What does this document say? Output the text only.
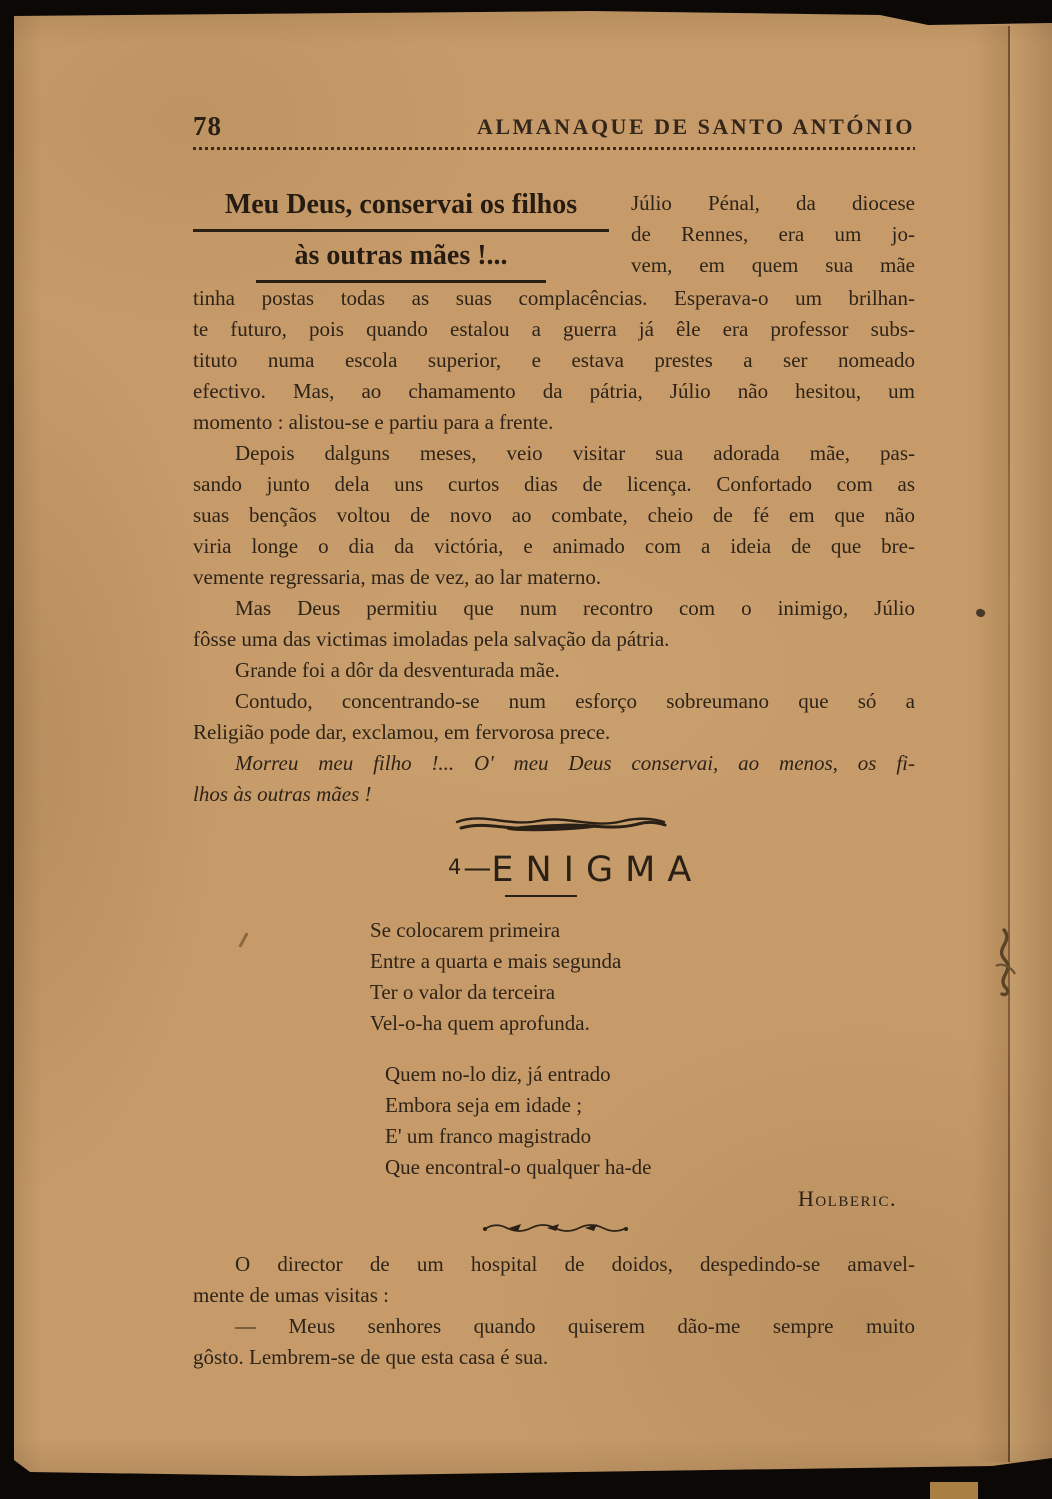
78	ALMANAQUE DE SANTO ANTÓNIO
Meu Deus, conservai os filhos
às outras mães !...
Júlio Pénal, da diocese
de Rennes, era um jo-
vem, em quem sua mãe
tinha postas todas as suas complacências. Esperava-o um brilhan-
te futuro, pois quando estalou a guerra já êle era professor subs-
tituto numa escola superior, e estava prestes a ser nomeado
efectivo. Mas, ao chamamento da pátria, Júlio não hesitou, um
momento : alistou-se e partiu para a frente.
Depois dalguns meses, veio visitar sua adorada mãe, pas-
sando junto dela uns curtos dias de licença. Confortado com as
suas bençãos voltou de novo ao combate, cheio de fé em que não
viria longe o dia da victória, e animado com a ideia de que bre-
vemente regressaria, mas de vez, ao lar materno.
Mas Deus permitiu que num recontro com o inimigo, Júlio
fôsse uma das victimas imoladas pela salvação da pátria.
Grande foi a dôr da desventurada mãe.
Contudo, concentrando-se num esforço sobreumano que só a
Religião pode dar, exclamou, em fervorosa prece.
Morreu meu filho !... O' meu Deus conservai, ao menos, os fi-
lhos às outras mães !
$^4$—ENIGMA
Se colocarem primeira
Entre a quarta e mais segunda
Ter o valor da terceira
Vel-o-ha quem aprofunda.
Quem no-lo diz, já entrado
Embora seja em idade ;
E' um franco magistrado
Que encontral-o qualquer ha-de
Holberic.
O director de um hospital de doidos, despedindo-se amavel-
mente de umas visitas :
— Meus senhores quando quiserem dão-me sempre muito
gôsto. Lembrem-se de que esta casa é sua.
